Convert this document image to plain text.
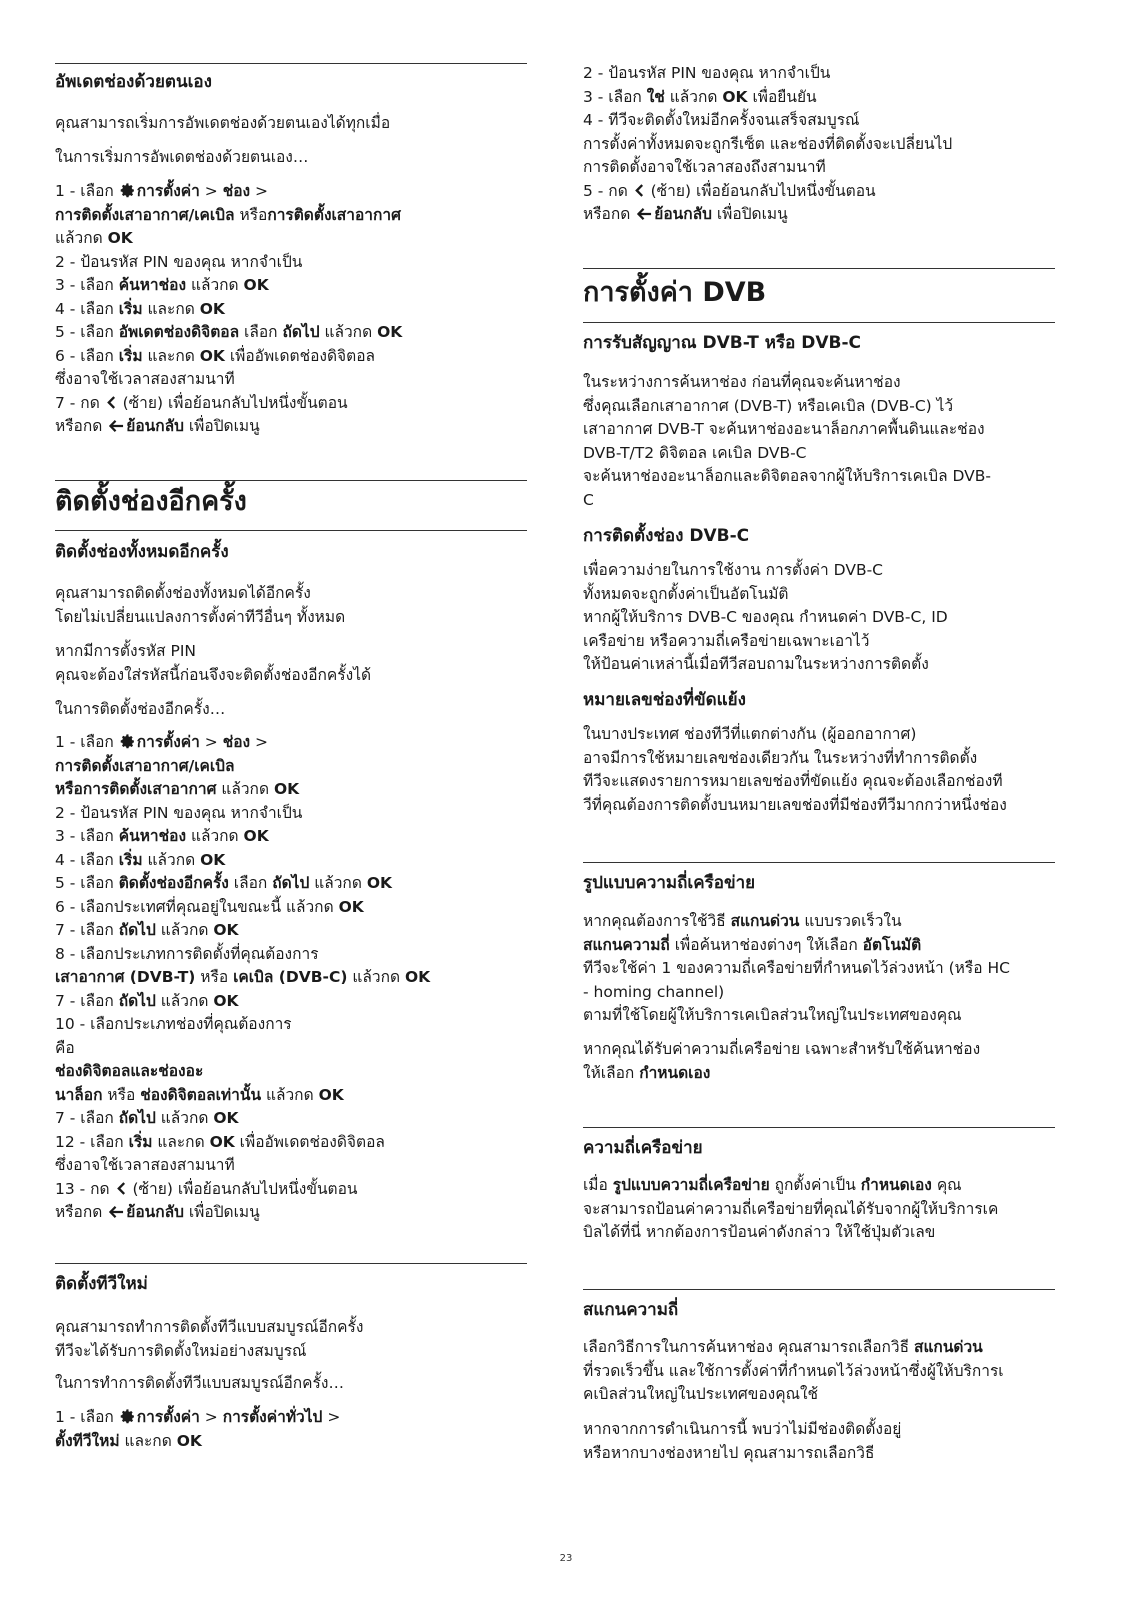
อัพเดตช่องด้วยตนเอง

คุณสามารถเริ่มการอัพเดตช่องด้วยตนเองได้ทุกเมื่อ

ในการเริ่มการอัพเดตช่องด้วยตนเอง…

1 - เลือก การตั้งค่า > ช่อง >

การติดตั้งเสาอากาศ/เคเบิล หรือการติดตั้งเสาอากาศ

แล้วกด OK

2 - ป้อนรหัส PIN ของคุณ หากจำเป็น

3 - เลือก ค้นหาช่อง แล้วกด OK

4 - เลือก เริ่ม และกด OK

5 - เลือก อัพเดตช่องดิจิตอล เลือก ถัดไป แล้วกด OK

6 - เลือก เริ่ม และกด OK เพื่ออัพเดตช่องดิจิตอล

ซึ่งอาจใช้เวลาสองสามนาที

7 - กด  (ซ้าย) เพื่อย้อนกลับไปหนึ่งขั้นตอน

หรือกด ย้อนกลับ เพื่อปิดเมนู

ติดตั้งช่องอีกครั้ง
ติดตั้งช่องทั้งหมดอีกครั้ง

คุณสามารถติดตั้งช่องทั้งหมดได้อีกครั้ง

โดยไม่เปลี่ยนแปลงการตั้งค่าทีวีอื่นๆ ทั้งหมด

หากมีการตั้งรหัส PIN

คุณจะต้องใส่รหัสนี้ก่อนจึงจะติดตั้งช่องอีกครั้งได้

ในการติดตั้งช่องอีกครั้ง…

1 - เลือก การตั้งค่า > ช่อง >

การติดตั้งเสาอากาศ/เคเบิล

หรือการติดตั้งเสาอากาศ แล้วกด OK

2 - ป้อนรหัส PIN ของคุณ หากจำเป็น

3 - เลือก ค้นหาช่อง แล้วกด OK

4 - เลือก เริ่ม แล้วกด OK

5 - เลือก ติดตั้งช่องอีกครั้ง เลือก ถัดไป แล้วกด OK

6 - เลือกประเทศที่คุณอยู่ในขณะนี้ แล้วกด OK

7 - เลือก ถัดไป แล้วกด OK

8 - เลือกประเภทการติดตั้งที่คุณต้องการ

เสาอากาศ (DVB-T) หรือ เคเบิล (DVB-C) แล้วกด OK

7 - เลือก ถัดไป แล้วกด OK

10 - เลือกประเภทช่องที่คุณต้องการ

คือ

ช่องดิจิตอลและช่องอะ

นาล็อก หรือ ช่องดิจิตอลเท่านั้น แล้วกด OK

7 - เลือก ถัดไป แล้วกด OK

12 - เลือก เริ่ม และกด OK เพื่ออัพเดตช่องดิจิตอล

ซึ่งอาจใช้เวลาสองสามนาที

13 - กด  (ซ้าย) เพื่อย้อนกลับไปหนึ่งขั้นตอน

หรือกด ย้อนกลับ เพื่อปิดเมนู

ติดตั้งทีวีใหม่

คุณสามารถทำการติดตั้งทีวีแบบสมบูรณ์อีกครั้ง

ทีวีจะได้รับการติดตั้งใหม่อย่างสมบูรณ์

ในการทำการติดตั้งทีวีแบบสมบูรณ์อีกครั้ง…

1 - เลือก การตั้งค่า > การตั้งค่าทั่วไป >

ตั้งทีวีใหม่ และกด OK

2 - ป้อนรหัส PIN ของคุณ หากจำเป็น

3 - เลือก ใช่ แล้วกด OK เพื่อยืนยัน

4 - ทีวีจะติดตั้งใหม่อีกครั้งจนเสร็จสมบูรณ์

การตั้งค่าทั้งหมดจะถูกรีเซ็ต และช่องที่ติดตั้งจะเปลี่ยนไป

การติดตั้งอาจใช้เวลาสองถึงสามนาที

5 - กด  (ซ้าย) เพื่อย้อนกลับไปหนึ่งขั้นตอน

หรือกด ย้อนกลับ เพื่อปิดเมนู

การตั้งค่า DVB
การรับสัญญาณ DVB-T หรือ DVB-C

ในระหว่างการค้นหาช่อง ก่อนที่คุณจะค้นหาช่อง

ซึ่งคุณเลือกเสาอากาศ (DVB-T) หรือเคเบิล (DVB-C) ไว้

เสาอากาศ DVB-T จะค้นหาช่องอะนาล็อกภาคพื้นดินและช่อง

DVB-T/T2 ดิจิตอล เคเบิล DVB-C

จะค้นหาช่องอะนาล็อกและดิจิตอลจากผู้ให้บริการเคเบิล DVB-

C

การติดตั้งช่อง DVB-C

เพื่อความง่ายในการใช้งาน การตั้งค่า DVB-C

ทั้งหมดจะถูกตั้งค่าเป็นอัตโนมัติ

หากผู้ให้บริการ DVB-C ของคุณ กำหนดค่า DVB-C, ID

เครือข่าย หรือความถี่เครือข่ายเฉพาะเอาไว้

ให้ป้อนค่าเหล่านี้เมื่อทีวีสอบถามในระหว่างการติดตั้ง

หมายเลขช่องที่ขัดแย้ง

ในบางประเทศ ช่องทีวีที่แตกต่างกัน (ผู้ออกอากาศ)

อาจมีการใช้หมายเลขช่องเดียวกัน ในระหว่างที่ทำการติดตั้ง

ทีวีจะแสดงรายการหมายเลขช่องที่ขัดแย้ง คุณจะต้องเลือกช่องที

วีที่คุณต้องการติดตั้งบนหมายเลขช่องที่มีช่องทีวีมากกว่าหนึ่งช่อง

รูปแบบความถี่เครือข่าย

หากคุณต้องการใช้วิธี สแกนด่วน แบบรวดเร็วใน

สแกนความถี่ เพื่อค้นหาช่องต่างๆ ให้เลือก อัตโนมัติ

ทีวีจะใช้ค่า 1 ของความถี่เครือข่ายที่กำหนดไว้ล่วงหน้า (หรือ HC

- homing channel)

ตามที่ใช้โดยผู้ให้บริการเคเบิลส่วนใหญ่ในประเทศของคุณ

หากคุณได้รับค่าความถี่เครือข่าย เฉพาะสำหรับใช้ค้นหาช่อง

ให้เลือก กำหนดเอง

ความถี่เครือข่าย

เมื่อ รูปแบบความถี่เครือข่าย ถูกตั้งค่าเป็น กำหนดเอง คุณ

จะสามารถป้อนค่าความถี่เครือข่ายที่คุณได้รับจากผู้ให้บริการเค

บิลได้ที่นี่ หากต้องการป้อนค่าดังกล่าว ให้ใช้ปุ่มตัวเลข

สแกนความถี่

เลือกวิธีการในการค้นหาช่อง คุณสามารถเลือกวิธี สแกนด่วน

ที่รวดเร็วขึ้น และใช้การตั้งค่าที่กำหนดไว้ล่วงหน้าซึ่งผู้ให้บริการเ

คเบิลส่วนใหญ่ในประเทศของคุณใช้

หากจากการดำเนินการนี้ พบว่าไม่มีช่องติดตั้งอยู่

หรือหากบางช่องหายไป คุณสามารถเลือกวิธี

23
